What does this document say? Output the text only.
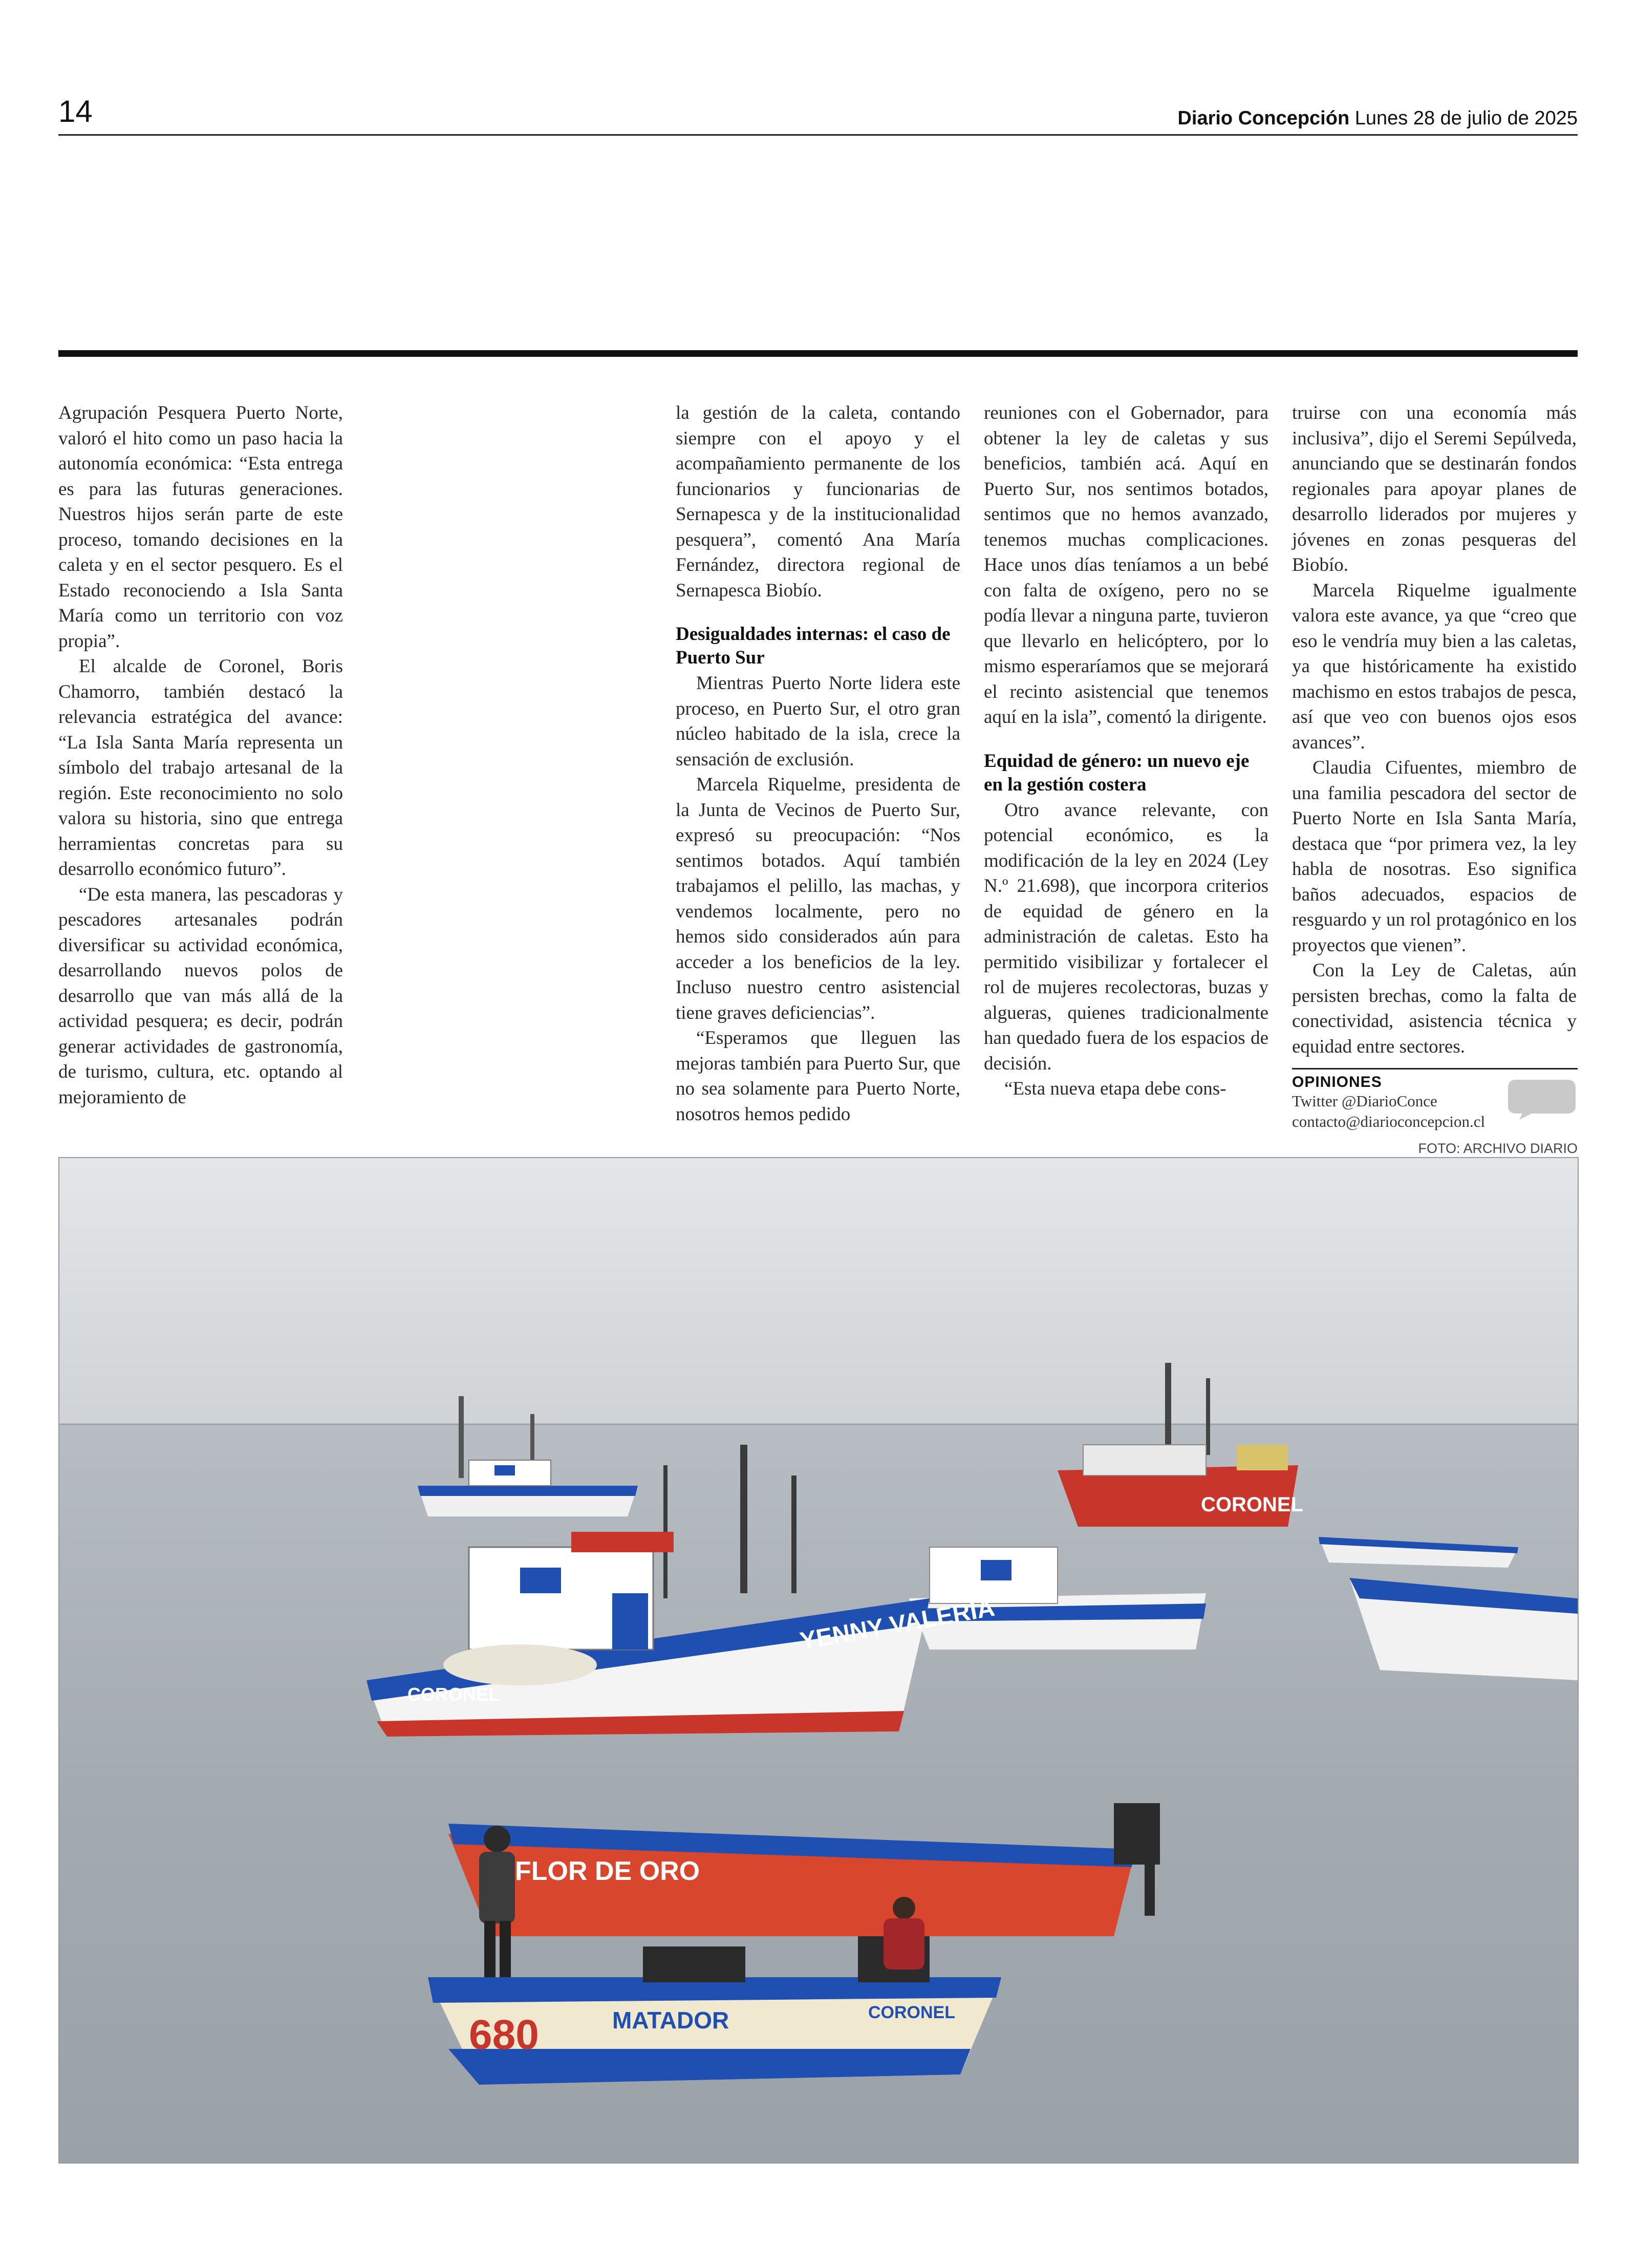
14	Diario Concepción Lunes 28 de julio de 2025

Agrupación Pesquera Puerto Norte, valoró el hito como un paso hacia la autonomía económica: “Esta entrega es para las futuras generaciones. Nuestros hijos serán parte de este proceso, tomando decisiones en la caleta y en el sector pesquero. Es el Estado reconociendo a Isla Santa María como un territorio con voz propia”.

El alcalde de Coronel, Boris Chamorro, también destacó la relevancia estratégica del avance: “La Isla Santa María representa un símbolo del trabajo artesanal de la región. Este reconocimiento no solo valora su historia, sino que entrega herramientas concretas para su desarrollo económico futuro”.

“De esta manera, las pescadoras y pescadores artesanales podrán diversificar su actividad económica, desarrollando nuevos polos de desarrollo que van más allá de la actividad pesquera; es decir, podrán generar actividades de gastronomía, de turismo, cultura, etc. optando al mejoramiento de

la gestión de la caleta, contando siempre con el apoyo y el acompañamiento permanente de los funcionarios y funcionarias de Sernapesca y de la institucionalidad pesquera”, comentó Ana María Fernández, directora regional de Sernapesca Biobío.

Desigualdades internas: el caso de Puerto Sur

Mientras Puerto Norte lidera este proceso, en Puerto Sur, el otro gran núcleo habitado de la isla, crece la sensación de exclusión.

Marcela Riquelme, presidenta de la Junta de Vecinos de Puerto Sur, expresó su preocupación: “Nos sentimos botados. Aquí también trabajamos el pelillo, las machas, y vendemos localmente, pero no hemos sido considerados aún para acceder a los beneficios de la ley. Incluso nuestro centro asistencial tiene graves deficiencias”.

“Esperamos que lleguen las mejoras también para Puerto Sur, que no sea solamente para Puerto Norte, nosotros hemos pedido

reuniones con el Gobernador, para obtener la ley de caletas y sus beneficios, también acá. Aquí en Puerto Sur, nos sentimos botados, sentimos que no hemos avanzado, tenemos muchas complicaciones. Hace unos días teníamos a un bebé con falta de oxígeno, pero no se podía llevar a ninguna parte, tuvieron que llevarlo en helicóptero, por lo mismo esperaríamos que se mejorará el recinto asistencial que tenemos aquí en la isla”, comentó la dirigente.

Equidad de género: un nuevo eje en la gestión costera

Otro avance relevante, con potencial económico, es la modificación de la ley en 2024 (Ley N.º 21.698), que incorpora criterios de equidad de género en la administración de caletas. Esto ha permitido visibilizar y fortalecer el rol de mujeres recolectoras, buzas y algueras, quienes tradicionalmente han quedado fuera de los espacios de decisión.

“Esta nueva etapa debe cons-

truirse con una economía más inclusiva”, dijo el Seremi Sepúlveda, anunciando que se destinarán fondos regionales para apoyar planes de desarrollo liderados por mujeres y jóvenes en zonas pesqueras del Biobío.

Marcela Riquelme igualmente valora este avance, ya que “creo que eso le vendría muy bien a las caletas, ya que históricamente ha existido machismo en estos trabajos de pesca, así que veo con buenos ojos esos avances”.

Claudia Cifuentes, miembro de una familia pescadora del sector de Puerto Norte en Isla Santa María, destaca que “por primera vez, la ley habla de nosotras. Eso significa baños adecuados, espacios de resguardo y un rol protagónico en los proyectos que vienen”.

Con la Ley de Caletas, aún persisten brechas, como la falta de conectividad, asistencia técnica y equidad entre sectores.

OPINIONES
Twitter @DiarioConce
contacto@diarioconcepcion.cl
FOTO: ARCHIVO DIARIO
CORONEL
YENNY VALERIA
CORONEL
FLOR DE ORO
680	MATADOR	CORONEL
